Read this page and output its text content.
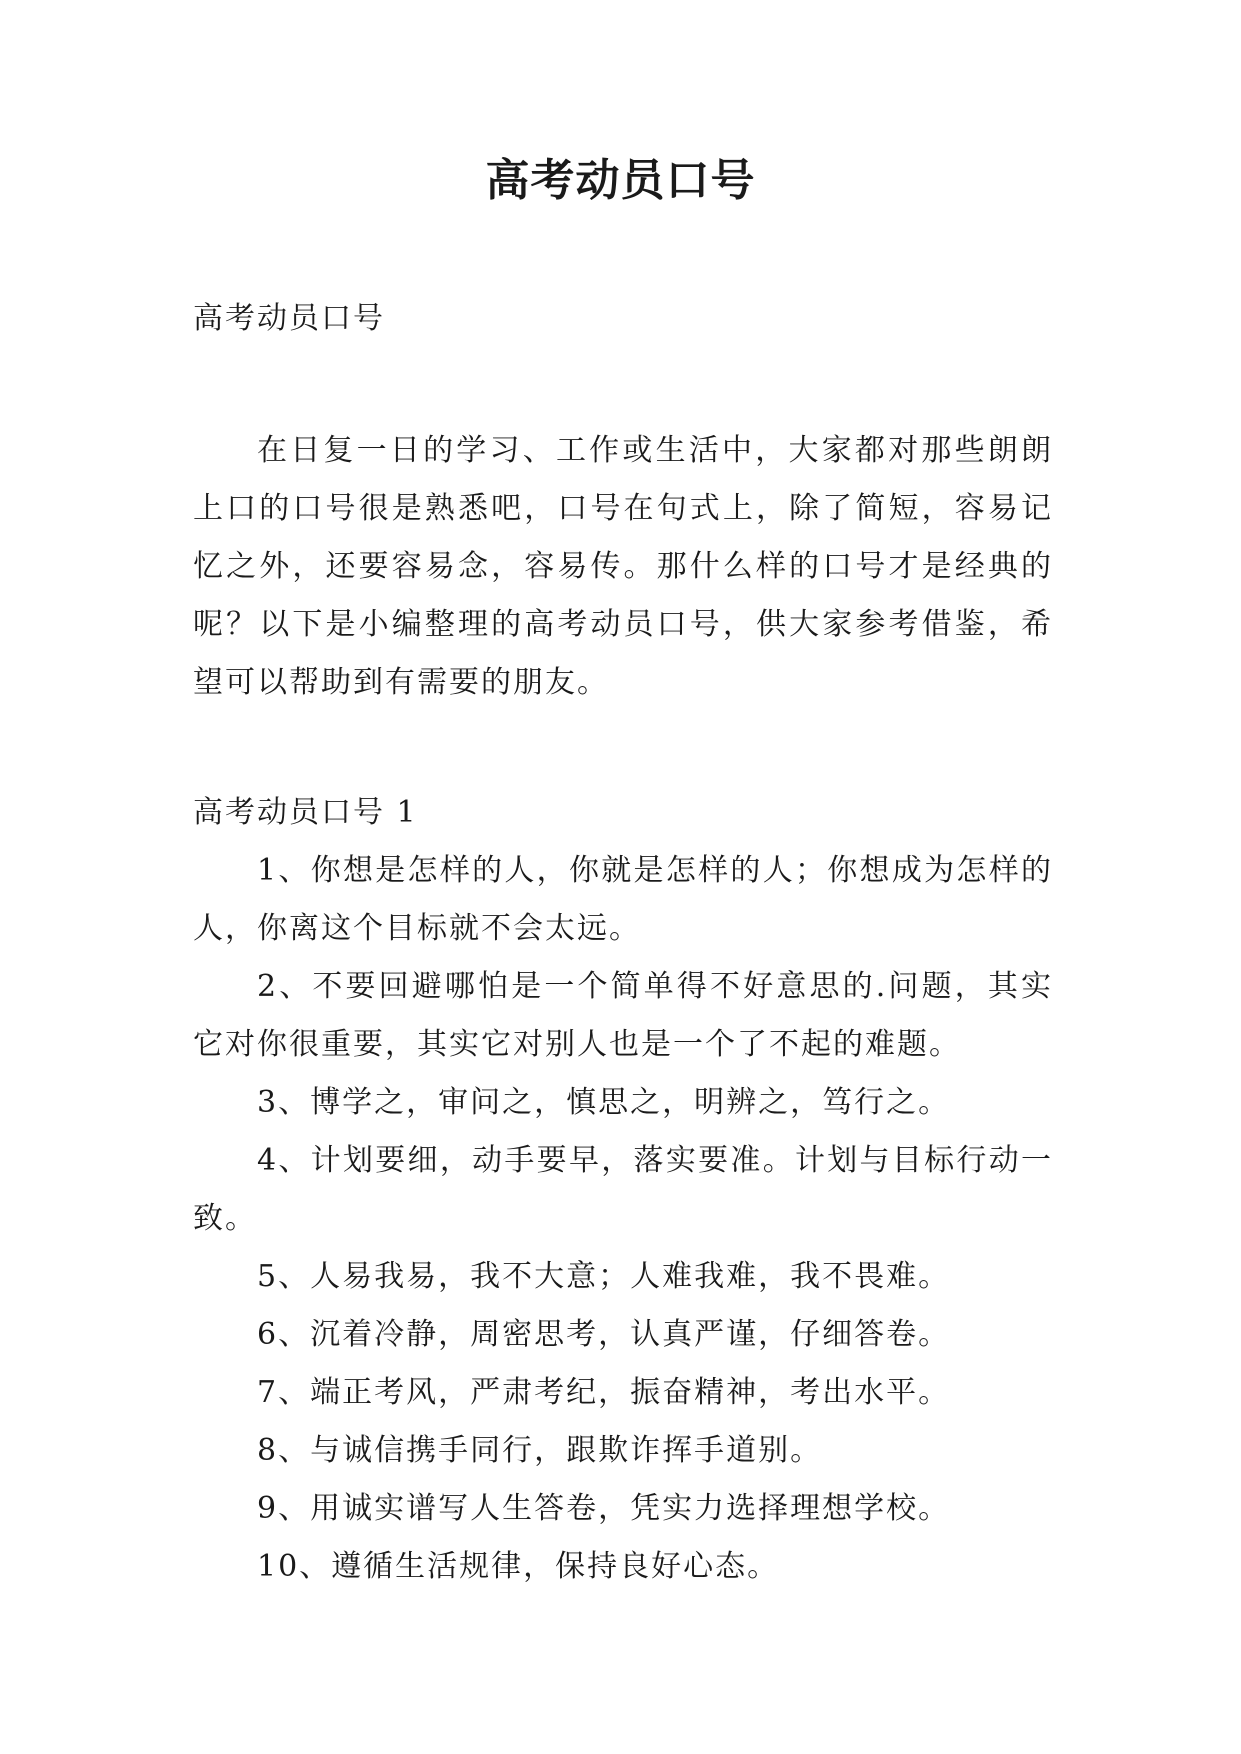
高考动员口号

高考动员口号

在日复一日的学习、工作或生活中，大家都对那些朗朗上口的口号很是熟悉吧，口号在句式上，除了简短，容易记忆之外，还要容易念，容易传。那什么样的口号才是经典的呢？以下是小编整理的高考动员口号，供大家参考借鉴，希望可以帮助到有需要的朋友。

高考动员口号 1

1、你想是怎样的人，你就是怎样的人；你想成为怎样的人，你离这个目标就不会太远。

2、不要回避哪怕是一个简单得不好意思的.问题，其实它对你很重要，其实它对别人也是一个了不起的难题。

3、博学之，审问之，慎思之，明辨之，笃行之。

4、计划要细，动手要早，落实要准。计划与目标行动一致。

5、人易我易，我不大意；人难我难，我不畏难。

6、沉着冷静，周密思考，认真严谨，仔细答卷。

7、端正考风，严肃考纪，振奋精神，考出水平。

8、与诚信携手同行，跟欺诈挥手道别。

9、用诚实谱写人生答卷，凭实力选择理想学校。

10、遵循生活规律，保持良好心态。
